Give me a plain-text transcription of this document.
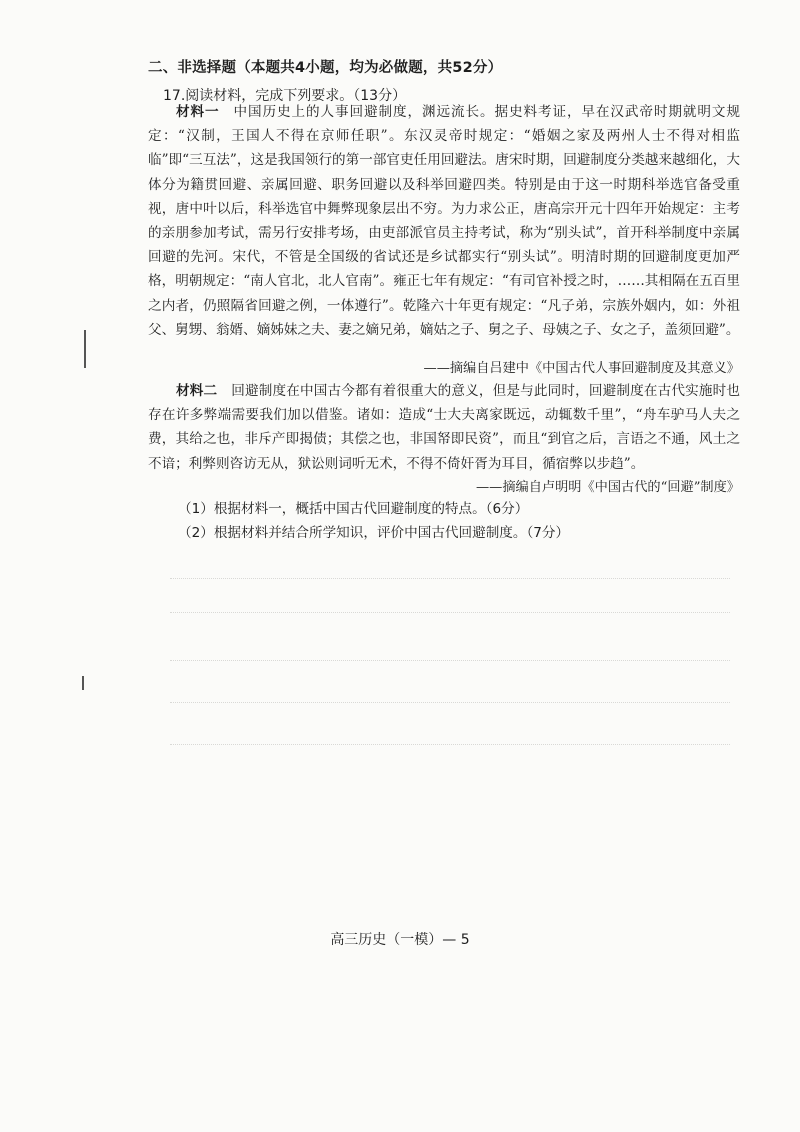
二、非选择题（本题共4小题，均为必做题，共52分）
17.阅读材料，完成下列要求。（13分）
材料一 中国历史上的人事回避制度，渊远流长。据史料考证，早在汉武帝时期就明文规定：“汉制，王国人不得在京师任职”。东汉灵帝时规定：“婚姻之家及两州人士不得对相监临”即“三互法”，这是我国领行的第一部官吏任用回避法。唐宋时期，回避制度分类越来越细化，大体分为籍贯回避、亲属回避、职务回避以及科举回避四类。特别是由于这一时期科举选官备受重视，唐中叶以后，科举选官中舞弊现象层出不穷。为力求公正，唐高宗开元十四年开始规定：主考的亲朋参加考试，需另行安排考场，由吏部派官员主持考试，称为“别头试”，首开科举制度中亲属回避的先河。宋代，不管是全国级的省试还是乡试都实行“别头试”。明清时期的回避制度更加严格，明朝规定：“南人官北，北人官南”。雍正七年有规定：“有司官补授之时，……其相隔在五百里之内者，仍照隔省回避之例，一体遵行”。乾隆六十年更有规定：“凡子弟，宗族外姻内，如：外祖父、舅甥、翁婿、嫡姊妹之夫、妻之嫡兄弟，嫡姑之子、舅之子、母姨之子、女之子，盖须回避”。
——摘编自吕建中《中国古代人事回避制度及其意义》
材料二 回避制度在中国古今都有着很重大的意义，但是与此同时，回避制度在古代实施时也存在许多弊端需要我们加以借鉴。诸如：造成“士大夫离家既远，动辄数千里”，“舟车驴马人夫之费，其给之也，非斥产即揭债；其偿之也，非国帑即民资”，而且“到官之后，言语之不通，风土之不谙；利弊则咨访无从，狱讼则词听无术，不得不倚奸胥为耳目，循宿弊以步趋”。
——摘编自卢明明《中国古代的“回避”制度》
（1）根据材料一，概括中国古代回避制度的特点。（6分）
（2）根据材料并结合所学知识，评价中国古代回避制度。（7分）
高三历史（一模）— 5
